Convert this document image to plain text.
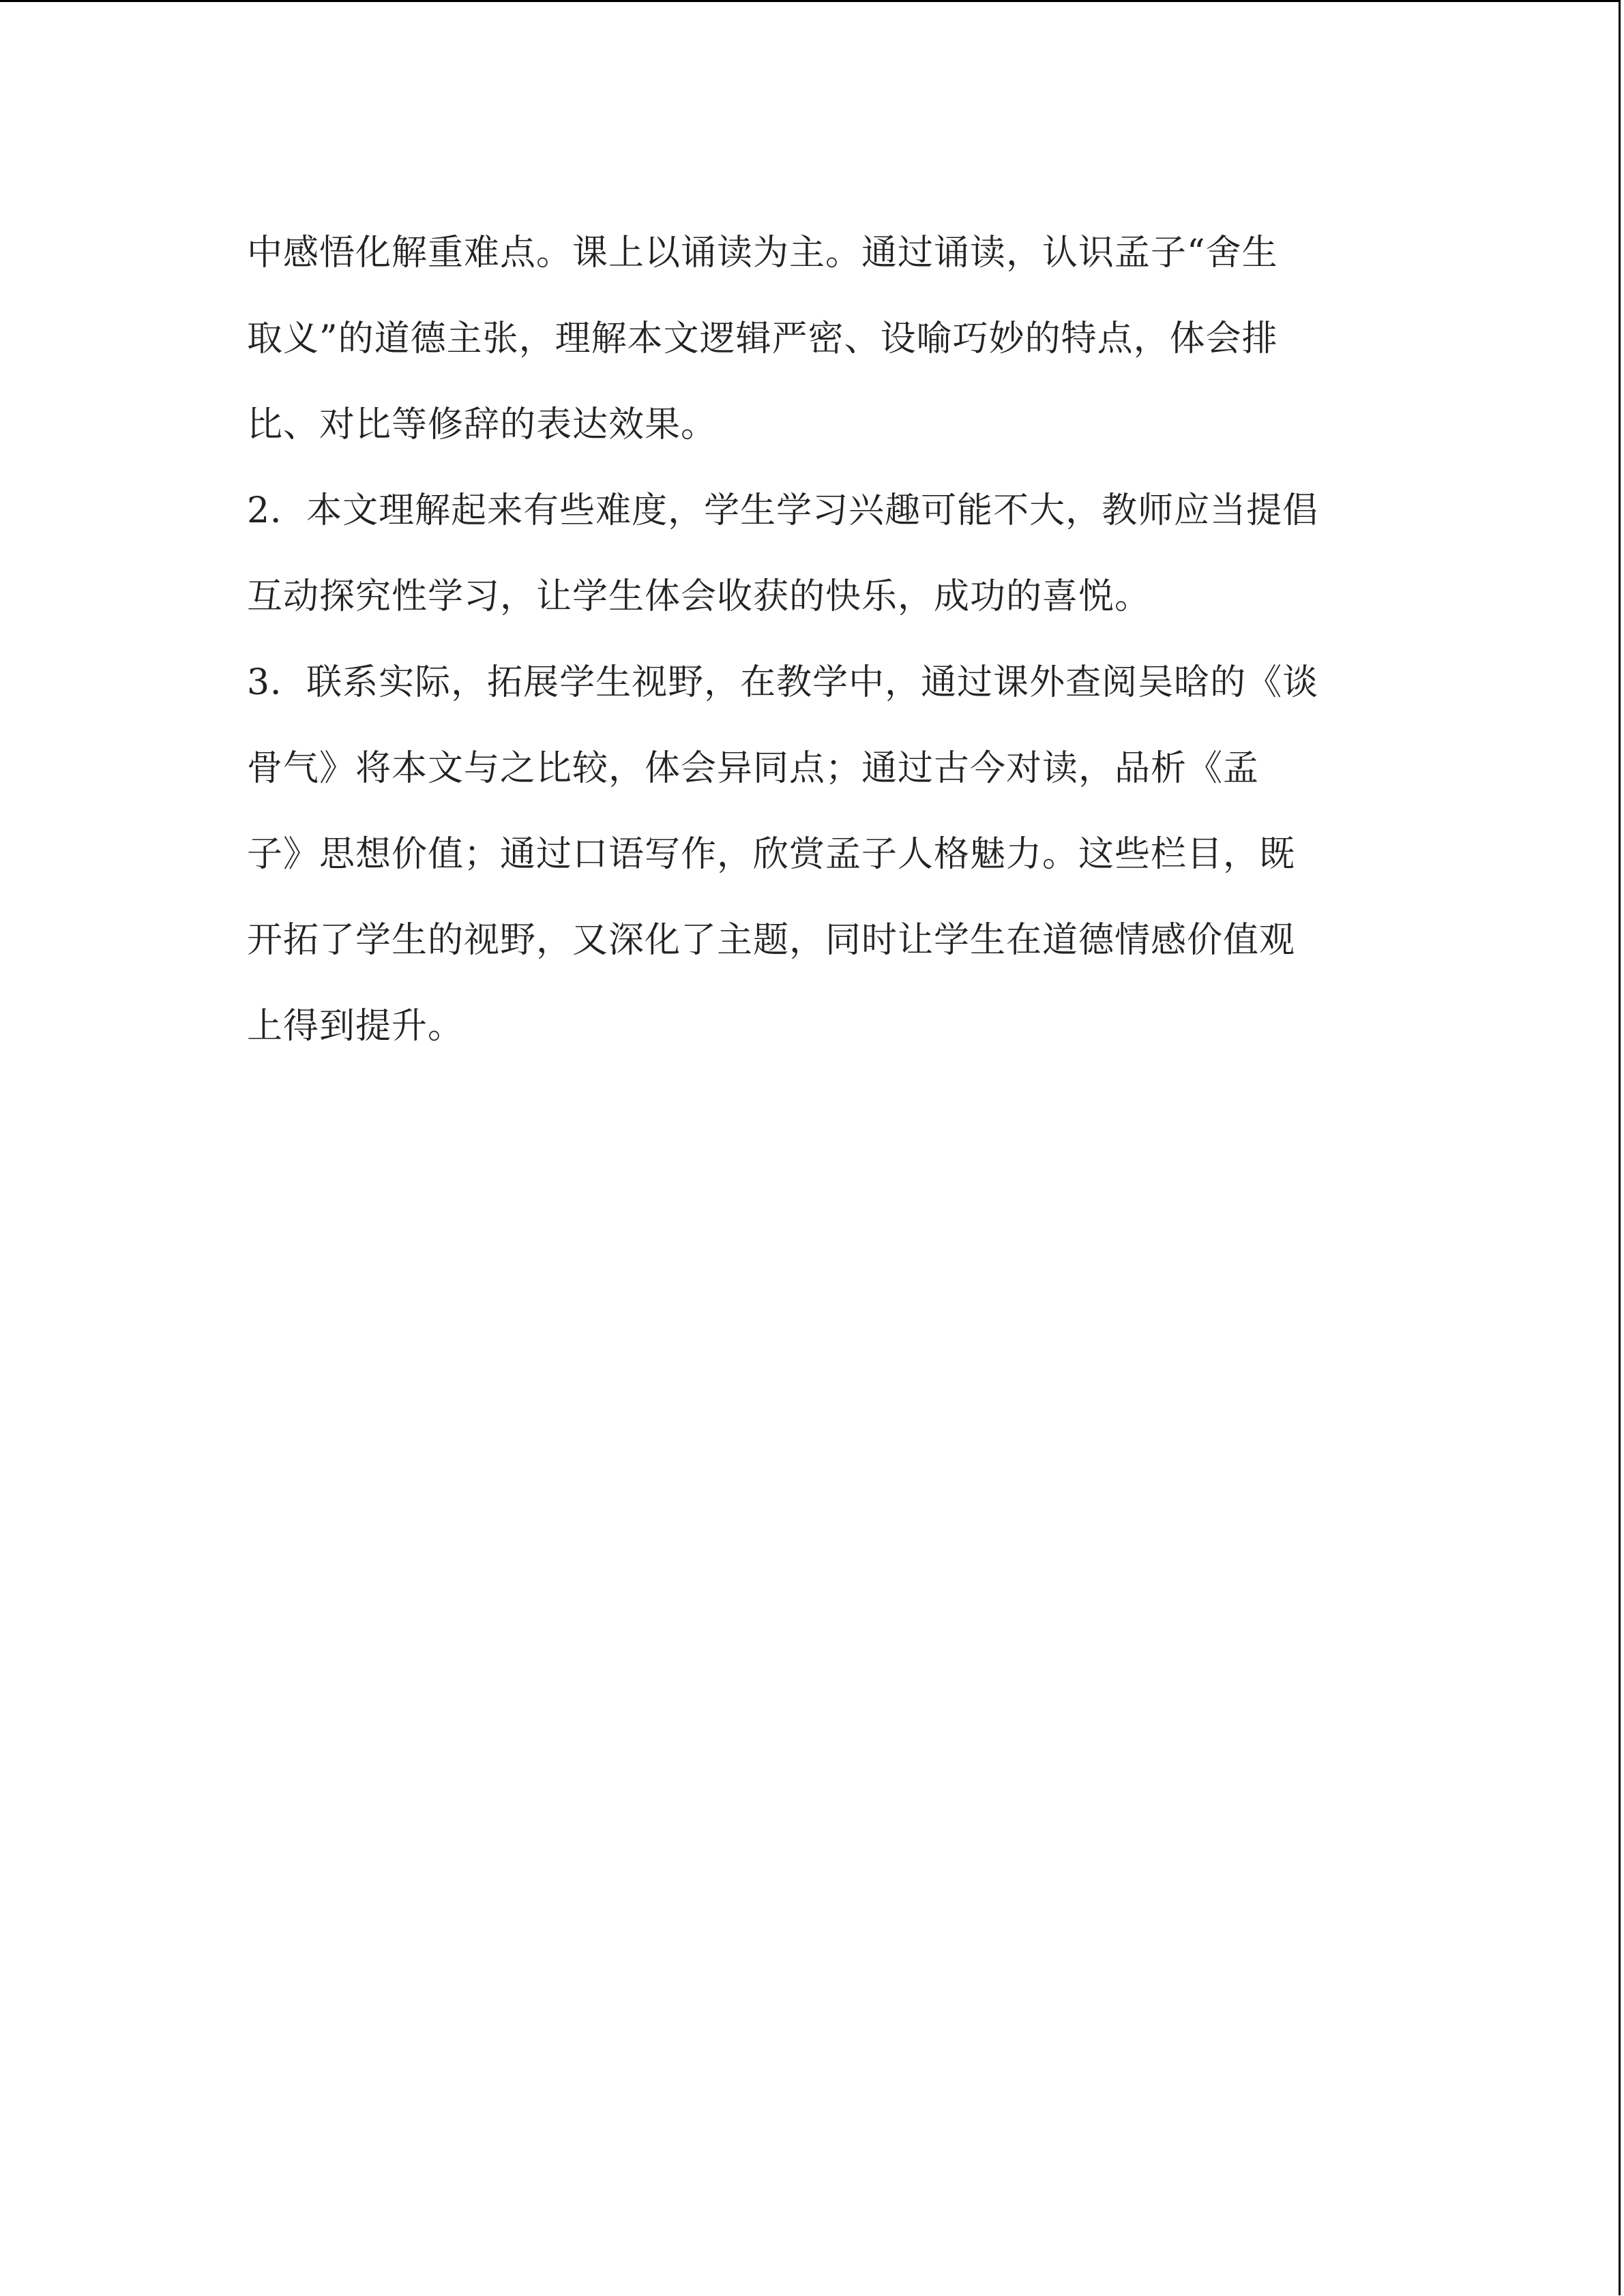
中感悟化解重难点。课上以诵读为主。通过诵读，认识孟子“舍生
取义”的道德主张，理解本文逻辑严密、设喻巧妙的特点，体会排
比、对比等修辞的表达效果。
2．本文理解起来有些难度，学生学习兴趣可能不大，教师应当提倡
互动探究性学习，让学生体会收获的快乐，成功的喜悦。
3．联系实际，拓展学生视野，在教学中，通过课外查阅吴晗的《谈
骨气》将本文与之比较，体会异同点；通过古今对读，品析《孟
子》思想价值；通过口语写作，欣赏孟子人格魅力。这些栏目，既
开拓了学生的视野，又深化了主题，同时让学生在道德情感价值观
上得到提升。
